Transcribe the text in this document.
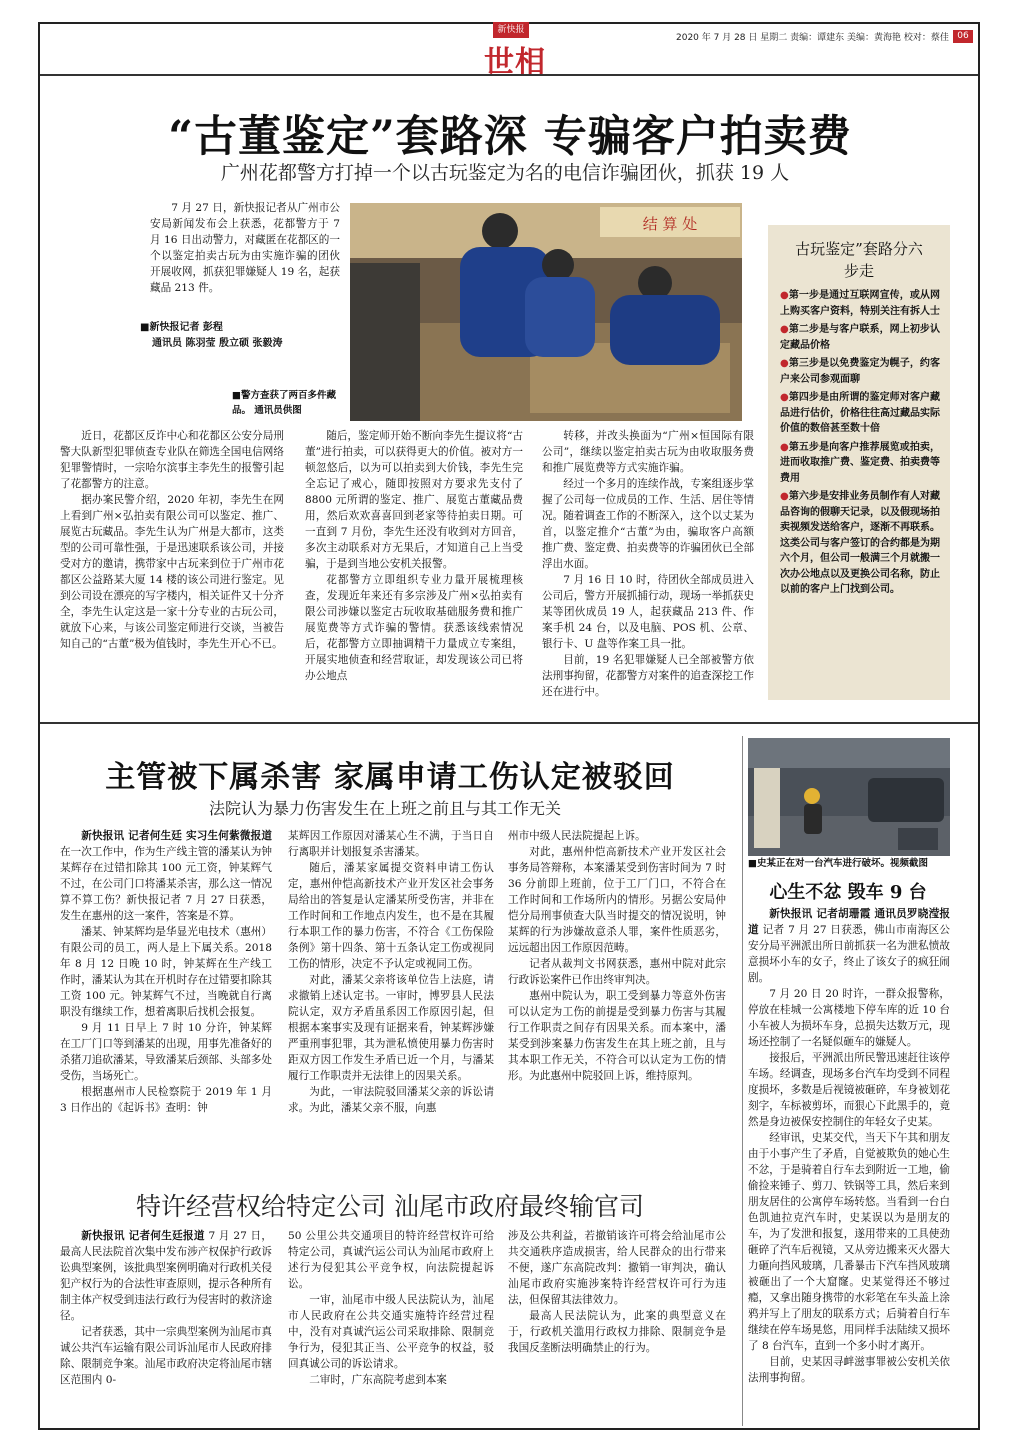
新快报
世相
2020 年 7 月 28 日 星期二 责编：谭建东 美编：黄海艳 校对：蔡佳 06
“古董鉴定”套路深 专骗客户拍卖费
广州花都警方打掉一个以古玩鉴定为名的电信诈骗团伙，抓获 19 人

7 月 27 日，新快报记者从广州市公安局新闻发布会上获悉，花都警方于 7 月 16 日出动警力，对藏匿在花都区的一个以鉴定拍卖古玩为由实施诈骗的团伙开展收网，抓获犯罪嫌疑人 19 名，起获藏品 213 件。

■新快报记者 彭程
通讯员 陈羽莹 殷立硕 张毅涛
结 算 处
■警方查获了两百多件藏品。 通讯员供图

近日，花都区反诈中心和花都区公安分局刑警大队新型犯罪侦查专业队在筛选全国电信网络犯罪警情时，一宗哈尔滨事主李先生的报警引起了花都警方的注意。

据办案民警介绍，2020 年初，李先生在网上看到广州×弘拍卖有限公司可以鉴定、推广、展览古玩藏品。李先生认为广州是大都市，这类型的公司可靠性强，于是迅速联系该公司，并接受对方的邀请，携带家中古玩来到位于广州市花都区公益路某大厦 14 楼的该公司进行鉴定。见到公司设在漂亮的写字楼内，相关证件又十分齐全，李先生认定这是一家十分专业的古玩公司，就放下心来，与该公司鉴定师进行交谈，当被告知自己的“古董”极为值钱时，李先生开心不已。

随后，鉴定师开始不断向李先生提议将“古董”进行拍卖，可以获得更大的价值。被对方一顿忽悠后，以为可以拍卖到大价钱，李先生完全忘记了戒心，随即按照对方要求先支付了 8800 元所谓的鉴定、推广、展览古董藏品费用，然后欢欢喜喜回到老家等待拍卖日期。可一直到 7 月份，李先生还没有收到对方回音，多次主动联系对方无果后，才知道自己上当受骗，于是到当地公安机关报警。

花都警方立即组织专业力量开展梳理核查，发现近年来还有多宗涉及广州×弘拍卖有限公司涉嫌以鉴定古玩收取基础服务费和推广展览费等方式诈骗的警情。获悉该线索情况后，花都警方立即抽调精干力量成立专案组，开展实地侦查和经营取证，却发现该公司已将办公地点

转移，并改头换面为“广州×恒国际有限公司”，继续以鉴定拍卖古玩为由收取服务费和推广展览费等方式实施诈骗。

经过一个多月的连续作战，专案组逐步掌握了公司每一位成员的工作、生活、居住等情况。随着调查工作的不断深入，这个以丈某为首，以鉴定推介“古董”为由，骗取客户高额推广费、鉴定费、拍卖费等的诈骗团伙已全部浮出水面。

7 月 16 日 10 时，待团伙全部成员进入公司后，警方开展抓捕行动，现场一举抓获史某等团伙成员 19 人，起获藏品 213 件、作案手机 24 台，以及电脑、POS 机、公章、银行卡、U 盘等作案工具一批。

目前，19 名犯罪嫌疑人已全部被警方依法刑事拘留，花都警方对案件的追查深挖工作还在进行中。

古玩鉴定”套路分六步走
●第一步是通过互联网宣传，或从网上购买客户资料，特别关注有拆人士
●第二步是与客户联系，网上初步认定藏品价格
●第三步是以免费鉴定为幌子，约客户来公司参观面聊
●第四步是由所谓的鉴定师对客户藏品进行估价，价格往往高过藏品实际价值的数倍甚至数十倍
●第五步是向客户推荐展览或拍卖，进而收取推广费、鉴定费、拍卖费等费用
●第六步是安排业务员制作有人对藏品咨询的假聊天记录，以及假现场拍卖视频发送给客户，逐渐不再联系。这类公司与客户签订的合约都是为期六个月，但公司一般满三个月就搬一次办公地点以及更换公司名称，防止以前的客户上门找到公司。
主管被下属杀害 家属申请工伤认定被驳回
法院认为暴力伤害发生在上班之前且与其工作无关

新快报讯 记者何生廷 实习生何紫微报道 在一次工作中，作为生产线主管的潘某认为钟某辉存在过错扣除其 100 元工资，钟某辉气不过，在公司门口将潘某杀害，那么这一情况算不算工伤？新快报记者 7 月 27 日获悉，发生在惠州的这一案件，答案是不算。

潘某、钟某辉均是华显光电技术（惠州）有限公司的员工，两人是上下属关系。2018 年 8 月 12 日晚 10 时，钟某辉在生产线工作时，潘某认为其在开机时存在过错要扣除其工资 100 元。钟某辉气不过，当晚就自行离职没有继续工作，想着离职后找机会报复。

9 月 11 日早上 7 时 10 分许，钟某辉在工厂门口等到潘某的出现，用事先准备好的杀猪刀追砍潘某，导致潘某后颈部、头部多处受伤，当场死亡。

根据惠州市人民检察院于 2019 年 1 月 3 日作出的《起诉书》查明：钟

某辉因工作原因对潘某心生不满，于当日自行离职并计划报复杀害潘某。

随后，潘某家属提交资料申请工伤认定，惠州仲恺高新技术产业开发区社会事务局给出的答复是认定潘某所受伤害，并非在工作时间和工作地点内发生，也不是在其履行本职工作的暴力伤害，不符合《工伤保险条例》第十四条、第十五条认定工伤或视同工伤的情形，决定不予认定或视同工伤。

对此，潘某父亲将该单位告上法庭，请求撤销上述认定书。一审时，博罗县人民法院认定，双方矛盾虽系因工作原因引起，但根据本案事实及现有证据来看，钟某辉涉嫌严重刑事犯罪，其为泄私愤使用暴力伤害时距双方因工作发生矛盾已近一个月，与潘某履行工作职责并无法律上的因果关系。

为此，一审法院驳回潘某父亲的诉讼请求。为此，潘某父亲不服，向惠

州市中级人民法院提起上诉。

对此，惠州仲恺高新技术产业开发区社会事务局答辩称，本案潘某受到伤害时间为 7 时 36 分前即上班前，位于工厂门口，不符合在工作时间和工作场所内的情形。另据公安局仲恺分局刑事侦查大队当时提交的情况说明，钟某辉的行为涉嫌故意杀人罪，案件性质恶劣，远远超出因工作原因范畴。

记者从裁判文书网获悉，惠州中院对此宗行政诉讼案件已作出终审判决。

惠州中院认为，职工受到暴力等意外伤害可以认定为工伤的前提是受到暴力伤害与其履行工作职责之间存有因果关系。而本案中，潘某受到涉案暴力伤害发生在其上班之前，且与其本职工作无关，不符合可以认定为工伤的情形。为此惠州中院驳回上诉，维持原判。

■史某正在对一台汽车进行破坏。视频截图
心生不忿 毁车 9 台

新快报讯 记者胡珊霞 通讯员罗晓滢报道 记者 7 月 27 日获悉，佛山市南海区公安分局平洲派出所日前抓获一名为泄私愤故意损坏小车的女子，终止了该女子的疯狂闹剧。

7 月 20 日 20 时许，一群众报警称，停放在桂城一公寓楼地下停车库的近 10 台小车被人为损坏车身，总损失达数万元，现场还控制了一名疑似砸车的嫌疑人。

接报后，平洲派出所民警迅速赶往该停车场。经调查，现场多台汽车均受到不同程度损坏，多数是后视镜被砸碎，车身被划花刻字，车标被剪坏，而狠心下此黑手的，竟然是身边被保安控制住的年轻女子史某。

经审讯，史某交代，当天下午其和朋友由于小事产生了矛盾，自觉被欺负的她心生不忿，于是骑着自行车去到附近一工地，偷偷捡来锤子、剪刀、铁锅等工具，然后来到朋友居住的公寓停车场转悠。当看到一台白色凯迪拉克汽车时，史某误以为是朋友的车，为了发泄和报复，遂用带来的工具使劲砸碎了汽车后视镜，又从旁边搬来灭火器大力砸向挡风玻璃，几番暴击下汽车挡风玻璃被砸出了一个大窟窿。史某觉得还不够过瘾，又拿出随身携带的水彩笔在车头盖上涂鸦并写上了朋友的联系方式；后骑着自行车继续在停车场晃悠，用同样手法陆续又损坏了 8 台汽车，直到一个多小时才离开。

目前，史某因寻衅滋事罪被公安机关依法刑事拘留。

特许经营权给特定公司 汕尾市政府最终输官司

新快报讯 记者何生廷报道 7 月 27 日，最高人民法院首次集中发布涉产权保护行政诉讼典型案例，该批典型案例明确对行政机关侵犯产权行为的合法性审查原则，提示各种所有制主体产权受到违法行政行为侵害时的救济途径。

记者获悉，其中一宗典型案例为汕尾市真诚公共汽车运输有限公司诉汕尾市人民政府排除、限制竞争案。汕尾市政府决定将汕尾市辖区范围内 0-

50 公里公共交通项目的特许经营权许可给特定公司，真诚汽运公司认为汕尾市政府上述行为侵犯其公平竞争权，向法院提起诉讼。

一审，汕尾市中级人民法院认为，汕尾市人民政府在公共交通实施特许经营过程中，没有对真诚汽运公司采取排除、限制竞争行为，侵犯其正当、公平竞争的权益，驳回真诚公司的诉讼请求。

二审时，广东高院考虑到本案

涉及公共利益，若撤销该许可将会给汕尾市公共交通秩序造成损害，给人民群众的出行带来不便，遂广东高院改判：撤销一审判决，确认汕尾市政府实施涉案特许经营权许可行为违法，但保留其法律效力。

最高人民法院认为，此案的典型意义在于，行政机关滥用行政权力排除、限制竞争是我国反垄断法明确禁止的行为。
